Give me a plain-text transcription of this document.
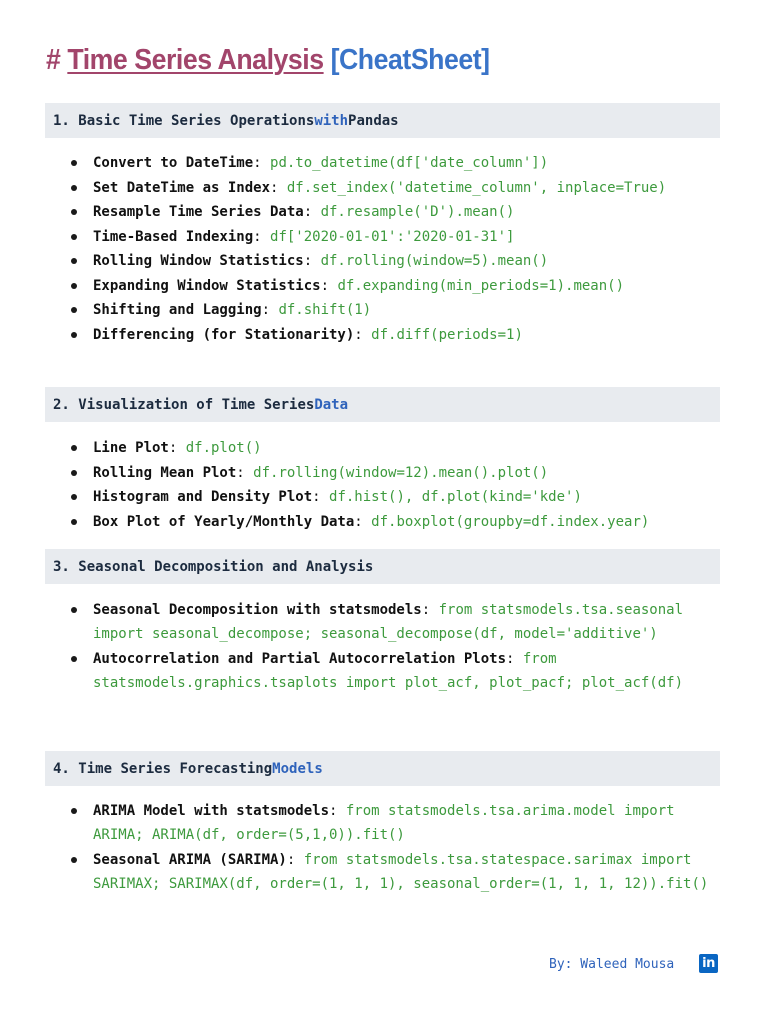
# Time Series Analysis [CheatSheet]
1.
Basic Time Series Operations with Pandas
Convert to DateTime: pd.to_datetime(df['date_column'])
Set DateTime as Index: df.set_index('datetime_column', inplace=True)
Resample Time Series Data: df.resample('D').mean()
Time-Based Indexing: df['2020-01-01':'2020-01-31']
Rolling Window Statistics: df.rolling(window=5).mean()
Expanding Window Statistics: df.expanding(min_periods=1).mean()
Shifting and Lagging: df.shift(1)
Differencing (for Stationarity): df.diff(periods=1)
2.
Visualization of Time Series Data
Line Plot: df.plot()
Rolling Mean Plot: df.rolling(window=12).mean().plot()
Histogram and Density Plot: df.hist(), df.plot(kind='kde')
Box Plot of Yearly/Monthly Data: df.boxplot(groupby=df.index.year)
3.
Seasonal Decomposition and Analysis
Seasonal Decomposition with statsmodels: from statsmodels.tsa.seasonal import seasonal_decompose; seasonal_decompose(df, model='additive')
Autocorrelation and Partial Autocorrelation Plots: from statsmodels.graphics.tsaplots import plot_acf, plot_pacf; plot_acf(df)
4.
Time Series Forecasting Models
ARIMA Model with statsmodels: from statsmodels.tsa.arima.model import ARIMA; ARIMA(df, order=(5,1,0)).fit()
Seasonal ARIMA (SARIMA): from statsmodels.tsa.statespace.sarimax import SARIMAX; SARIMAX(df, order=(1, 1, 1), seasonal_order=(1, 1, 1, 12)).fit()
By: Waleed Mousa in
